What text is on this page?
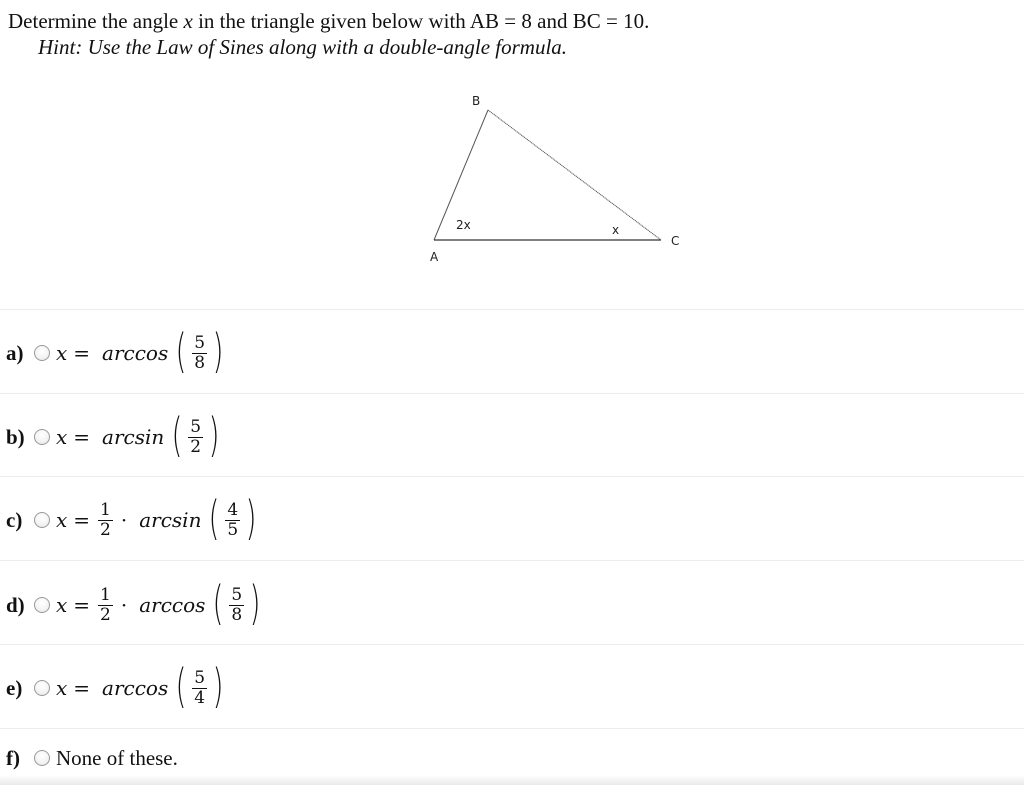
Determine the angle x in the triangle given below with AB = 8 and BC = 10.
Hint: Use the Law of Sines along with a double-angle formula.
B
A
C
2x	x
a)	x = arccos ( $\frac{5}{8}$ )
b)	x = arcsin ( $\frac{5}{2}$ )
c)	$x = \frac{1}{2} \cdot \arcsin$ ( $\frac{4}{5}$ )
d)	$x = \frac{1}{2} \cdot \arccos$ ( $\frac{5}{8}$ )
e)	x = arccos ( $\frac{5}{4}$ )
f)	None of these.
